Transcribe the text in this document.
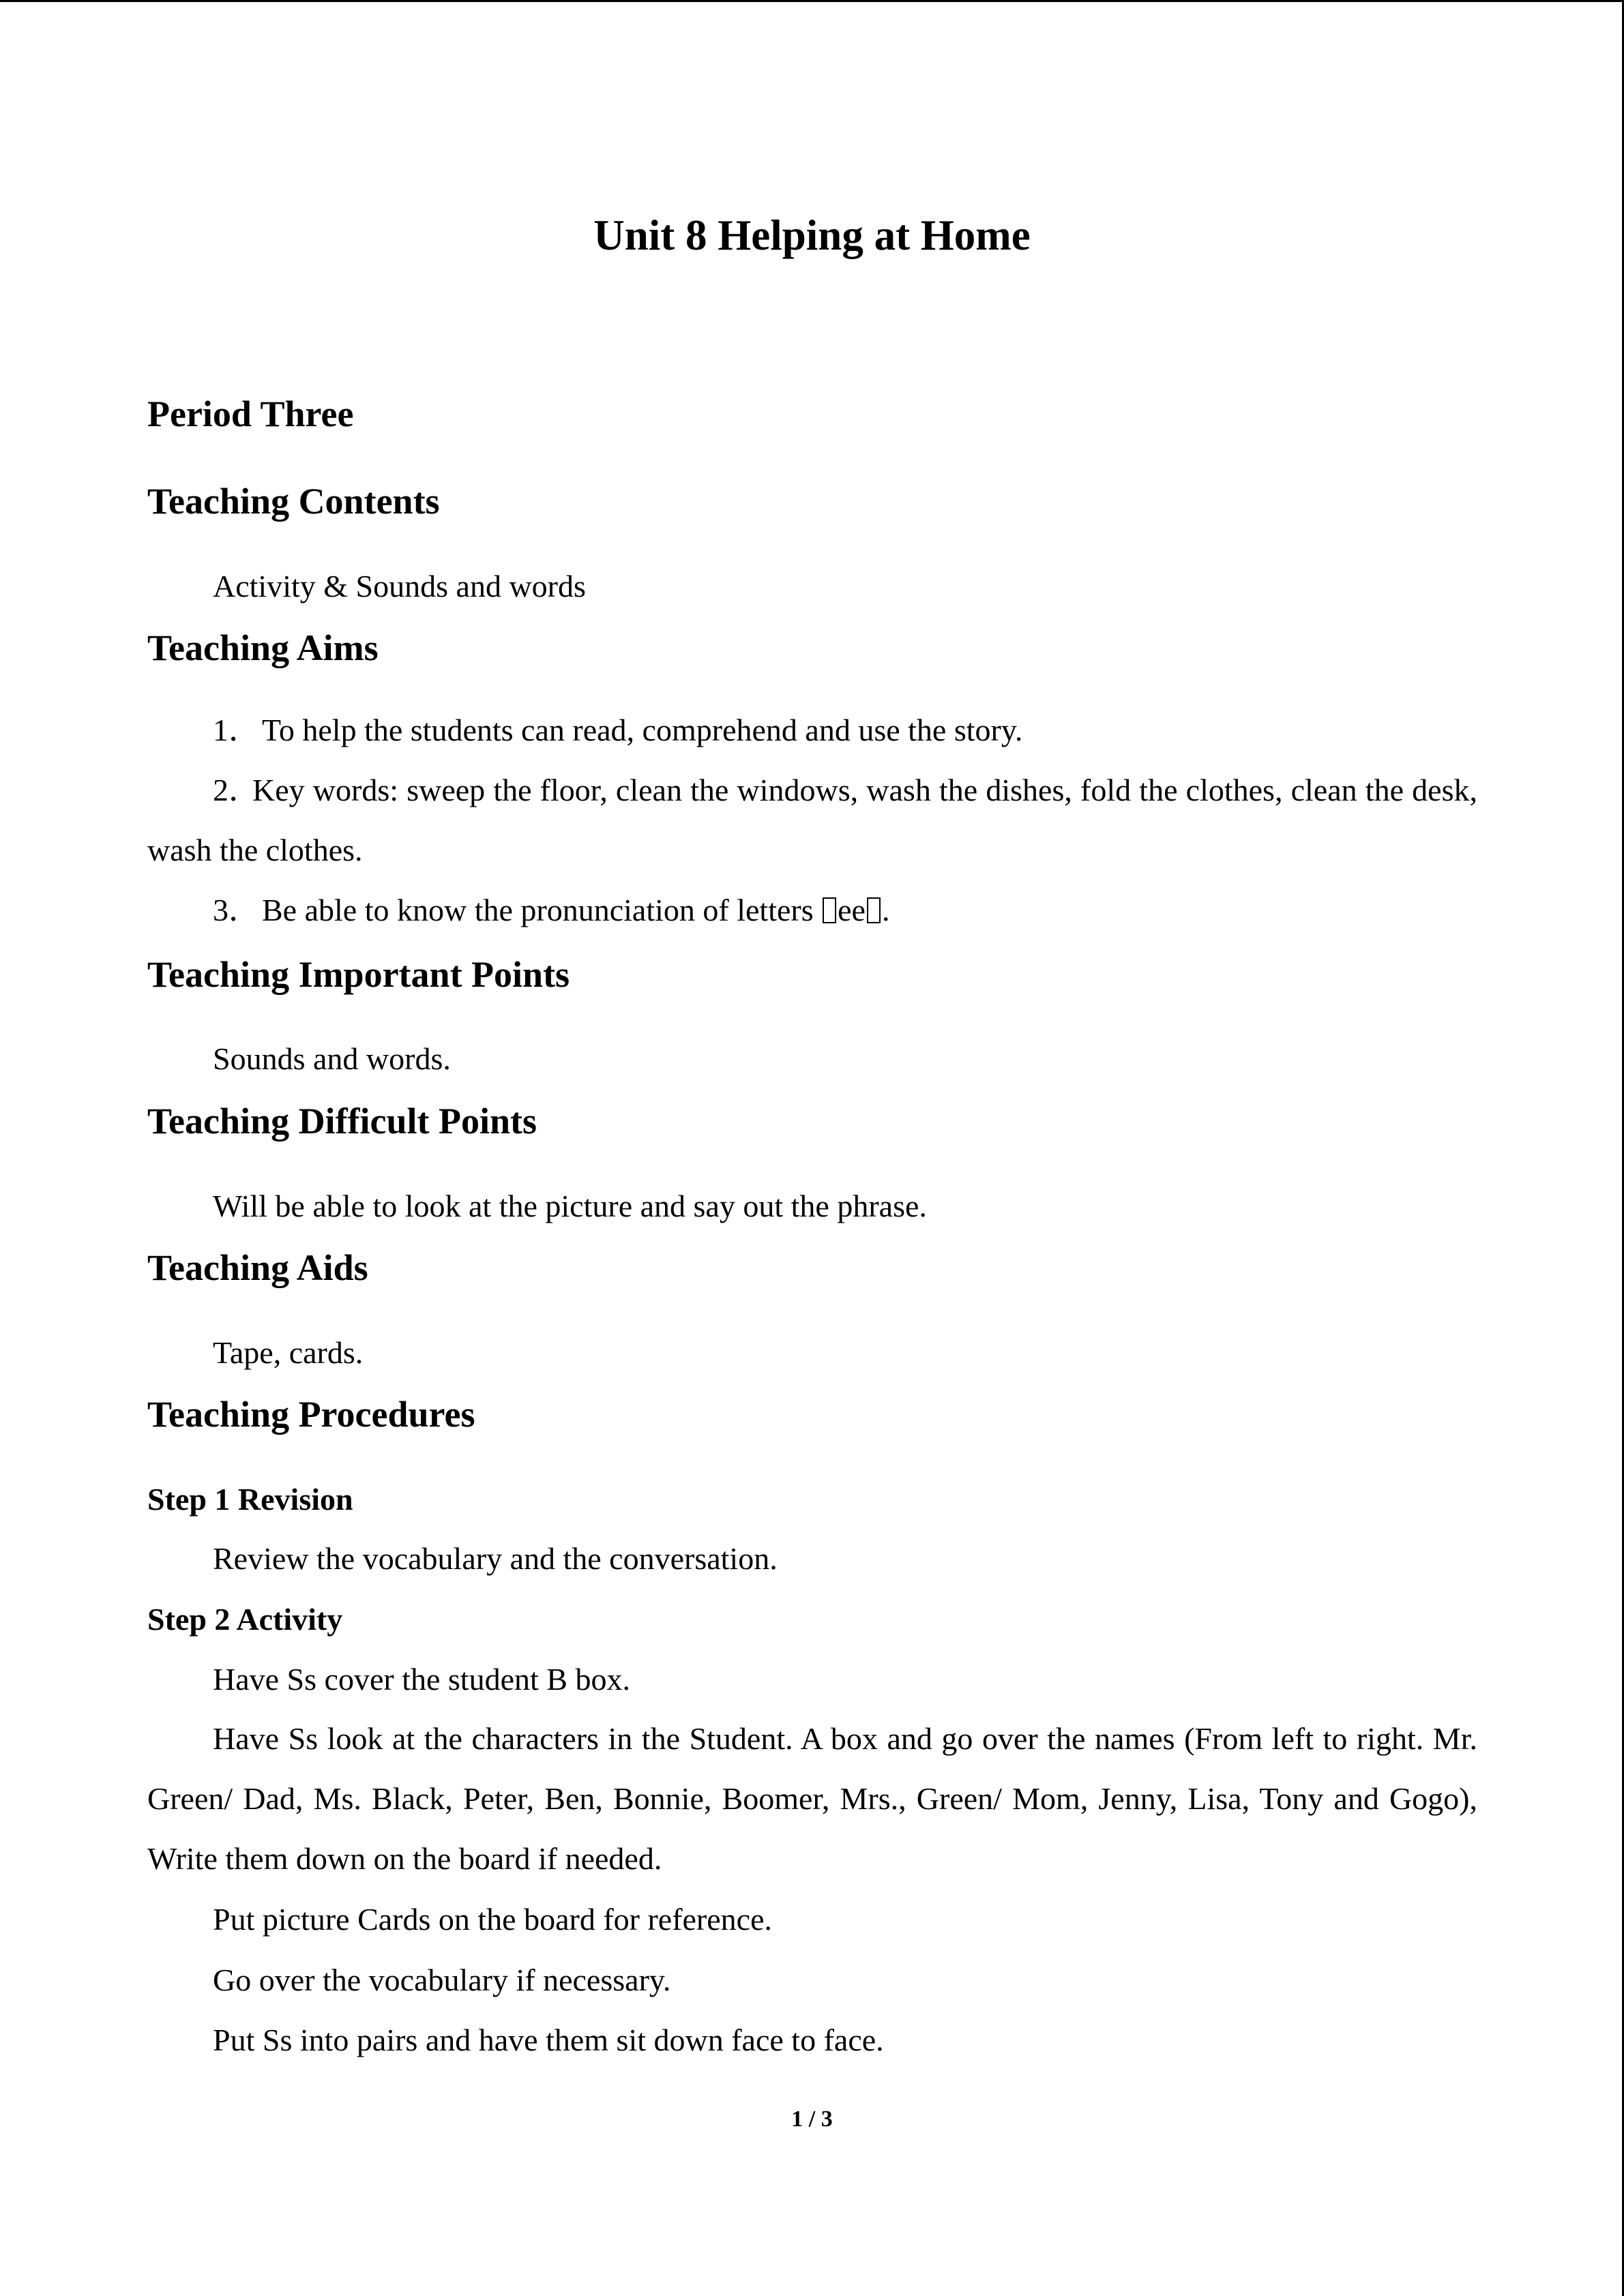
Unit 8 Helping at Home
Period Three
Teaching Contents
Activity & Sounds and words
Teaching Aims
1．To help the students can read, comprehend and use the story.
2．Key words: sweep the floor, clean the windows, wash the dishes, fold the clothes, clean the desk, wash the clothes.
3．Be able to know the pronunciation of letters ee .
Teaching Important Points
Sounds and words.
Teaching Difficult Points
Will be able to look at the picture and say out the phrase.
Teaching Aids
Tape, cards.
Teaching Procedures
Step 1 Revision
Review the vocabulary and the conversation.
Step 2 Activity
Have Ss cover the student B box.
Have Ss look at the characters in the Student. A box and go over the names (From left to right. Mr. Green/ Dad, Ms. Black, Peter, Ben, Bonnie, Boomer, Mrs., Green/ Mom, Jenny, Lisa, Tony and Gogo), Write them down on the board if needed.
Put picture Cards on the board for reference.
Go over the vocabulary if necessary.
Put Ss into pairs and have them sit down face to face.
1 / 3
